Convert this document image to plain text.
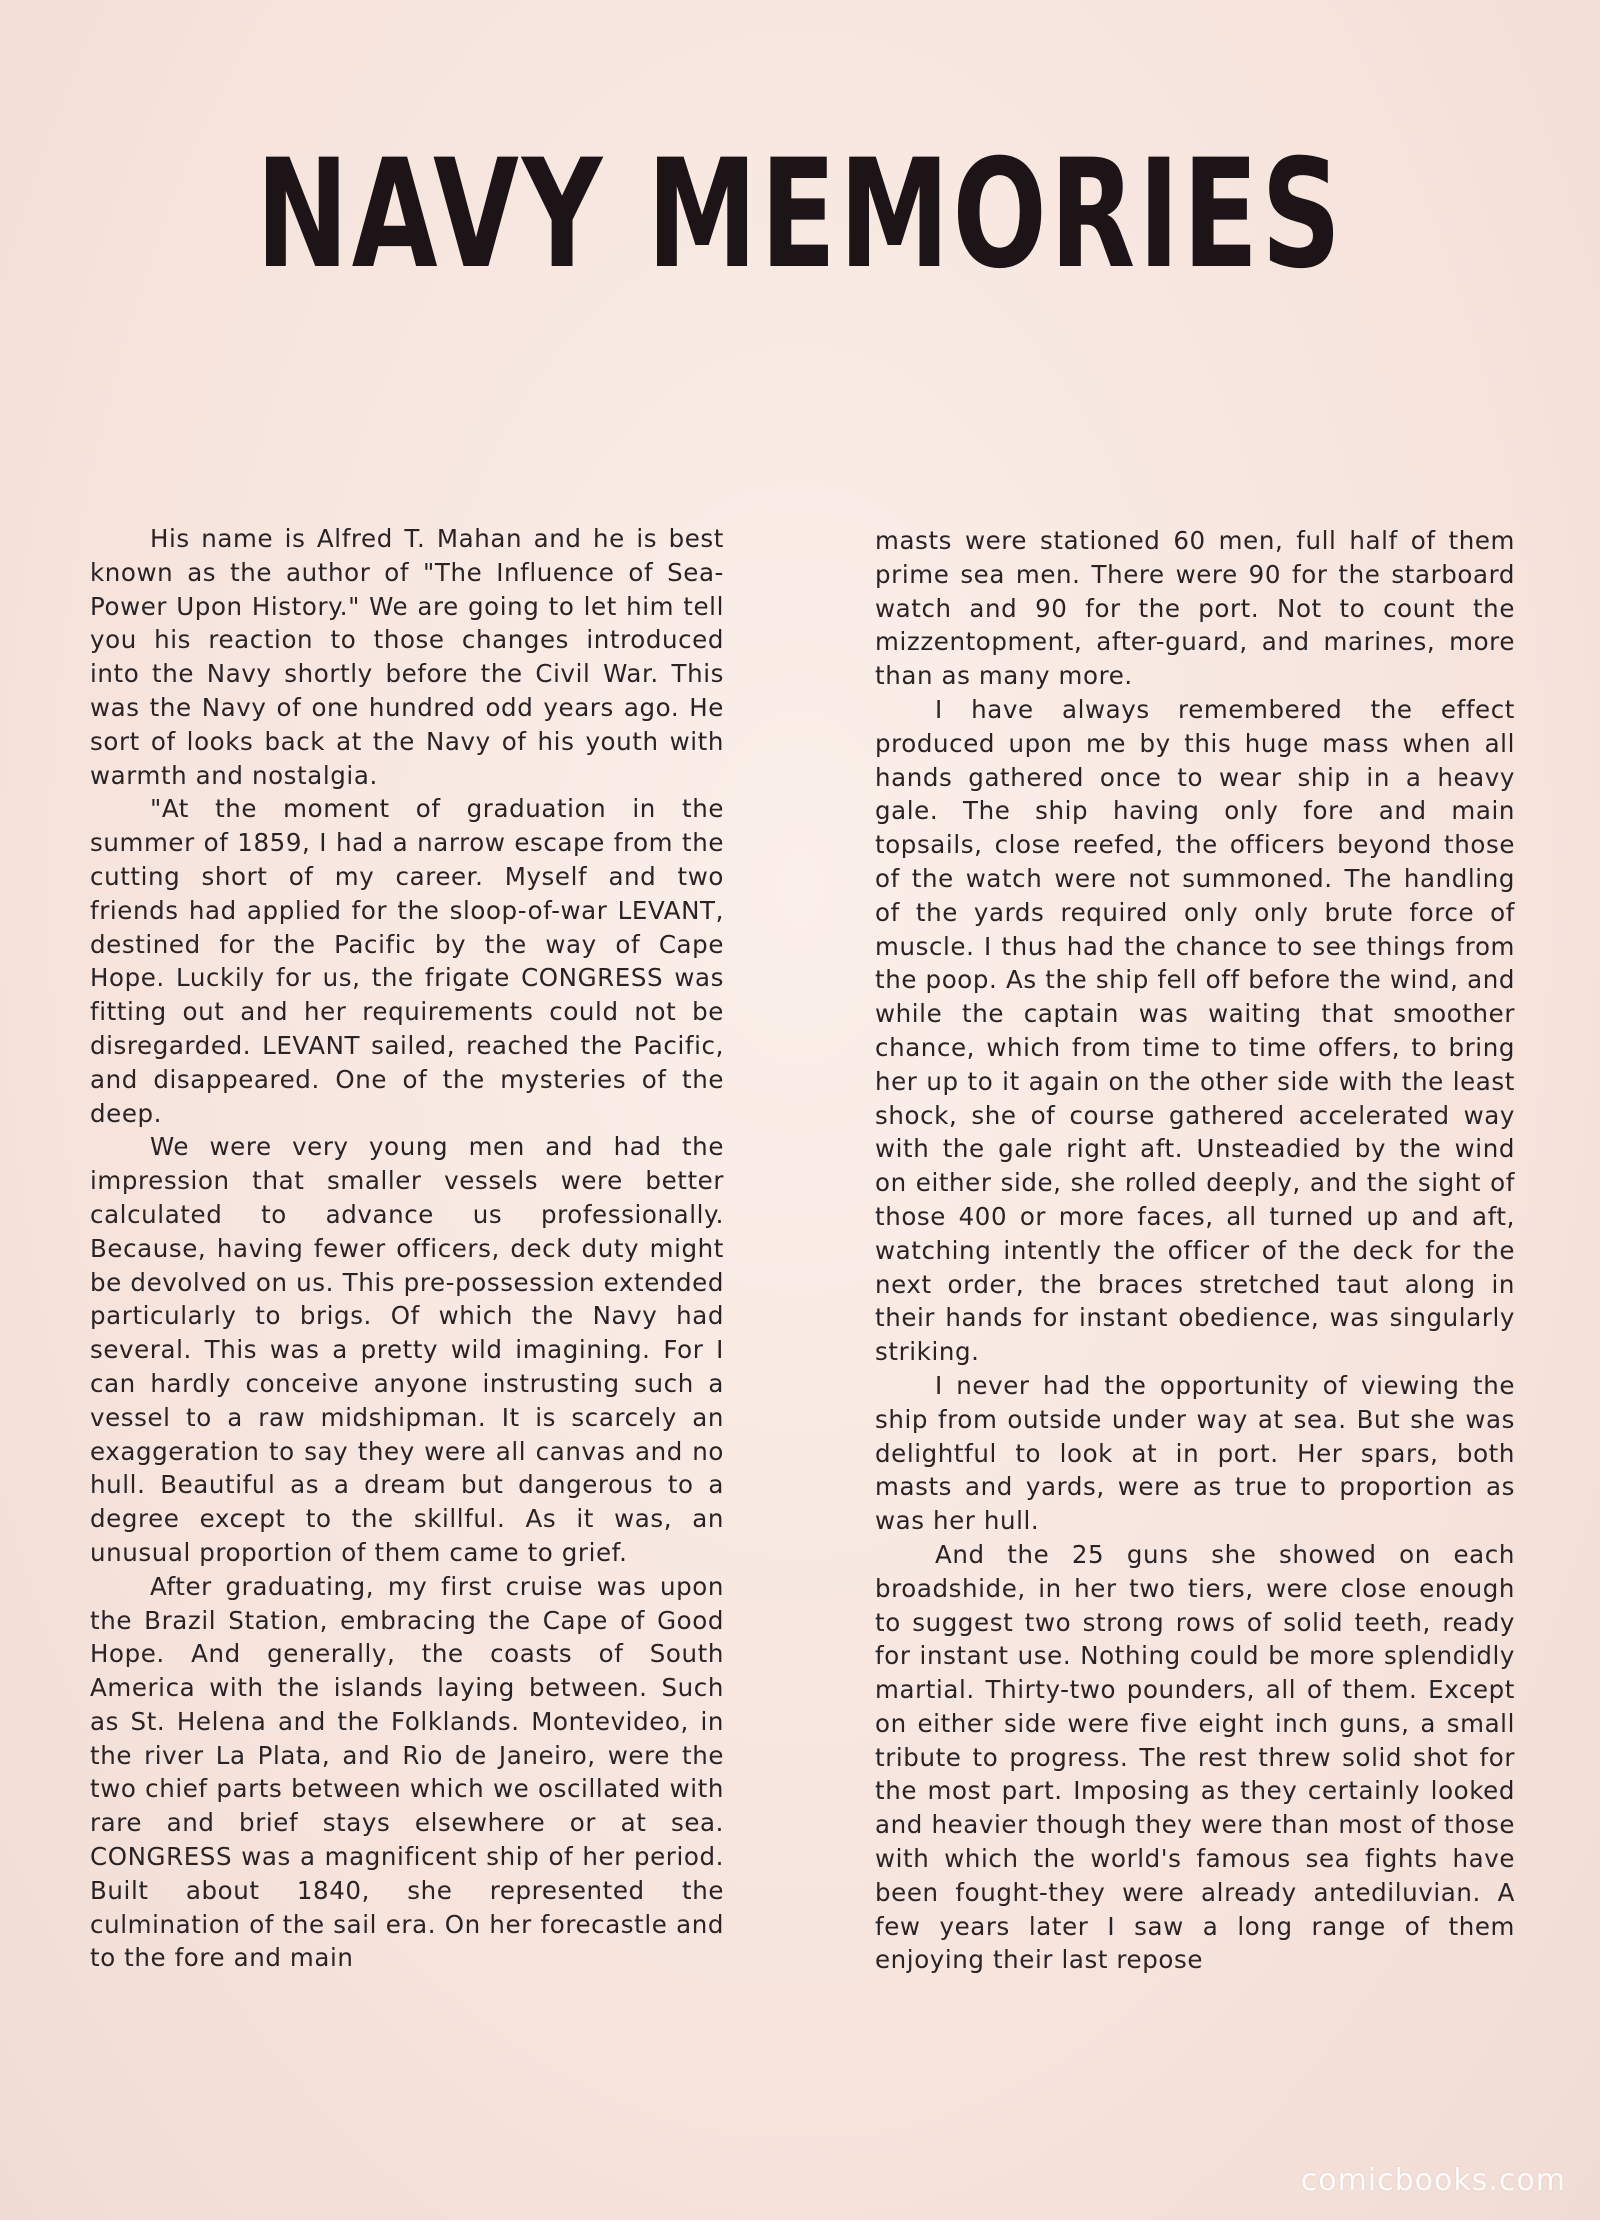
NAVY MEMORIES

His name is Alfred T. Mahan and he is best known as the author of "The Influence of Sea-Power Upon History." We are going to let him tell you his reaction to those changes introduced into the Navy shortly before the Civil War. This was the Navy of one hundred odd years ago. He sort of looks back at the Navy of his youth with warmth and nostalgia.

"At the moment of graduation in the summer of 1859, I had a narrow escape from the cutting short of my career. Myself and two friends had applied for the sloop-of-war LEVANT, destined for the Pacific by the way of Cape Hope. Luckily for us, the frigate CONGRESS was fitting out and her requirements could not be disregarded. LEVANT sailed, reached the Pacific, and disappeared. One of the mysteries of the deep.

We were very young men and had the impression that smaller vessels were better calculated to advance us professionally. Because, having fewer officers, deck duty might be devolved on us. This pre-possession extended particularly to brigs. Of which the Navy had several. This was a pretty wild imagining. For I can hardly conceive anyone instrusting such a vessel to a raw midshipman. It is scarcely an exaggeration to say they were all canvas and no hull. Beautiful as a dream but dangerous to a degree except to the skillful. As it was, an unusual proportion of them came to grief.

After graduating, my first cruise was upon the Brazil Station, embracing the Cape of Good Hope. And generally, the coasts of South America with the islands laying between. Such as St. Helena and the Folklands. Montevideo, in the river La Plata, and Rio de Janeiro, were the two chief parts between which we oscillated with rare and brief stays elsewhere or at sea. CONGRESS was a magnificent ship of her period. Built about 1840, she represented the culmination of the sail era. On her forecastle and to the fore and main

masts were stationed 60 men, full half of them prime sea men. There were 90 for the starboard watch and 90 for the port. Not to count the mizzentopment, after-guard, and marines, more than as many more.

I have always remembered the effect produced upon me by this huge mass when all hands gathered once to wear ship in a heavy gale. The ship having only fore and main topsails, close reefed, the officers beyond those of the watch were not summoned. The handling of the yards required only only brute force of muscle. I thus had the chance to see things from the poop. As the ship fell off before the wind, and while the captain was waiting that smoother chance, which from time to time offers, to bring her up to it again on the other side with the least shock, she of course gathered accelerated way with the gale right aft. Unsteadied by the wind on either side, she rolled deeply, and the sight of those 400 or more faces, all turned up and aft, watching intently the officer of the deck for the next order, the braces stretched taut along in their hands for instant obedience, was singularly striking.

I never had the opportunity of viewing the ship from outside under way at sea. But she was delightful to look at in port. Her spars, both masts and yards, were as true to proportion as was her hull.

And the 25 guns she showed on each broadshide, in her two tiers, were close enough to suggest two strong rows of solid teeth, ready for instant use. Nothing could be more splendidly martial. Thirty-two pounders, all of them. Except on either side were five eight inch guns, a small tribute to progress. The rest threw solid shot for the most part. Imposing as they certainly looked and heavier though they were than most of those with which the world's famous sea fights have been fought-they were already antediluvian. A few years later I saw a long range of them enjoying their last repose

comicbooks.com
